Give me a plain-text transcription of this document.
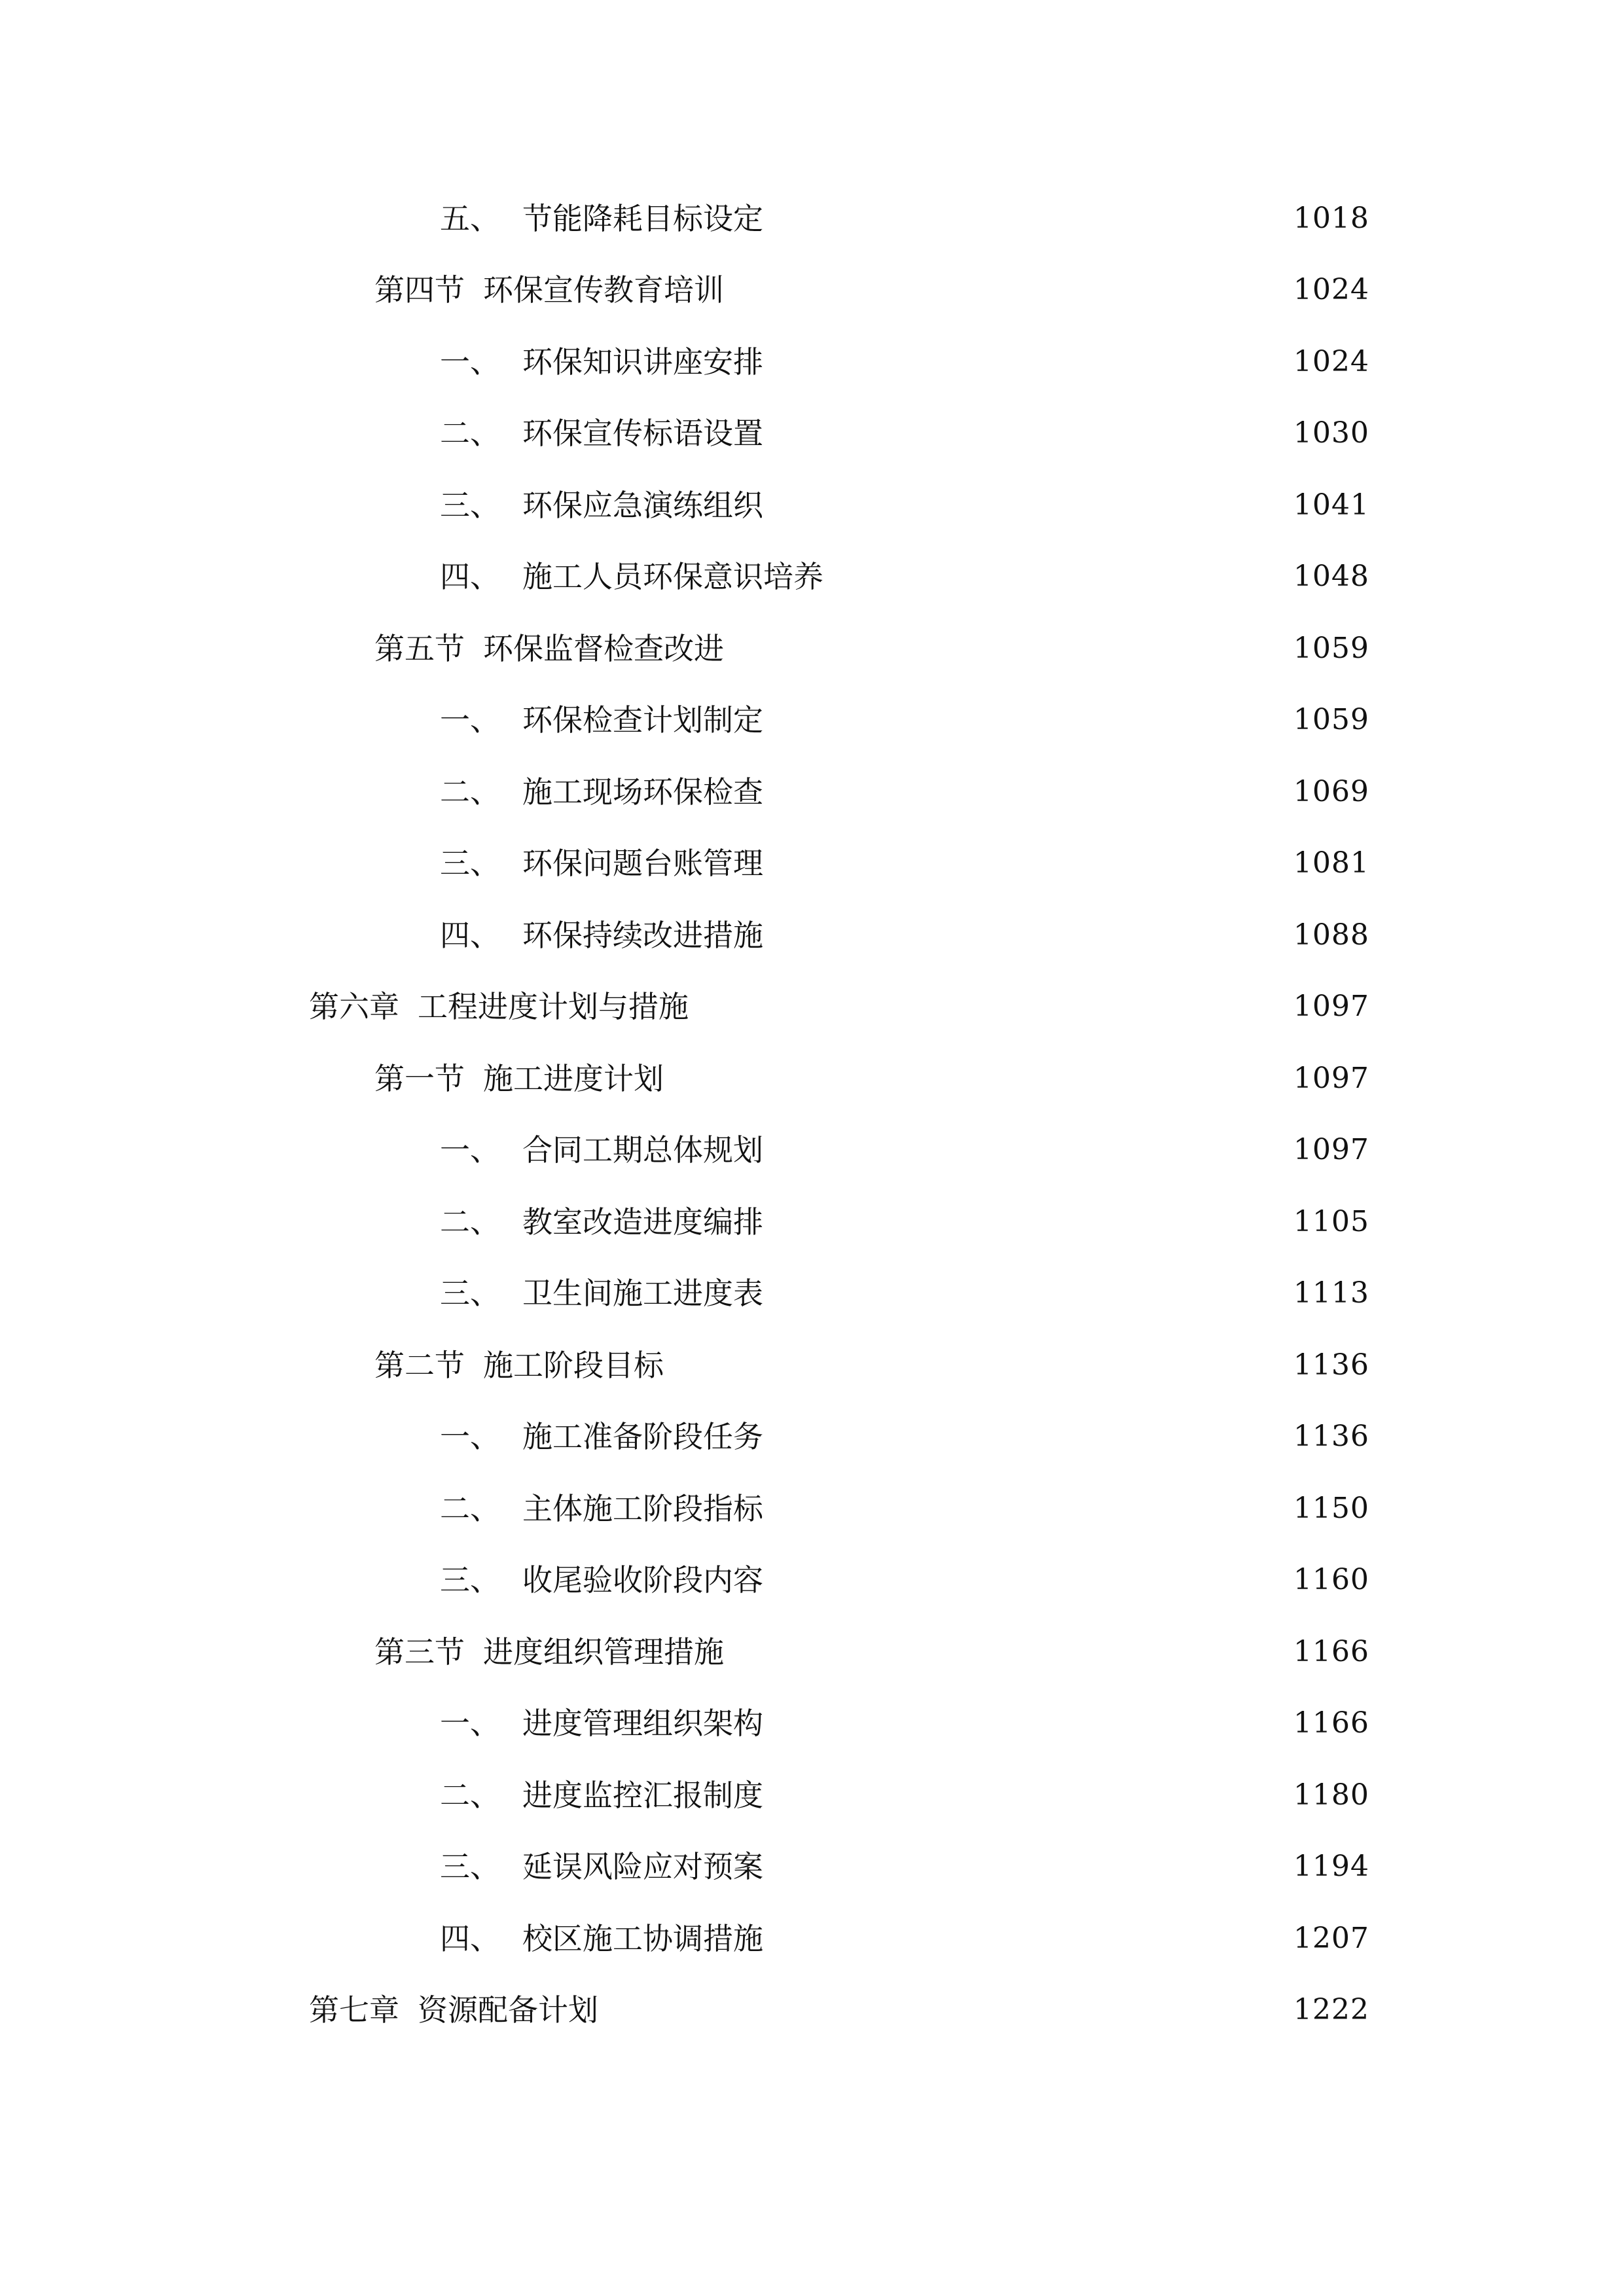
五、 节能降耗目标设定	1018
第四节 环保宣传教育培训	1024
一、 环保知识讲座安排	1024
二、 环保宣传标语设置	1030
三、 环保应急演练组织	1041
四、 施工人员环保意识培养	1048
第五节 环保监督检查改进	1059
一、 环保检查计划制定	1059
二、 施工现场环保检查	1069
三、 环保问题台账管理	1081
四、 环保持续改进措施	1088
第六章 工程进度计划与措施	1097
第一节 施工进度计划	1097
一、 合同工期总体规划	1097
二、 教室改造进度编排	1105
三、 卫生间施工进度表	1113
第二节 施工阶段目标	1136
一、 施工准备阶段任务	1136
二、 主体施工阶段指标	1150
三、 收尾验收阶段内容	1160
第三节 进度组织管理措施	1166
一、 进度管理组织架构	1166
二、 进度监控汇报制度	1180
三、 延误风险应对预案	1194
四、 校区施工协调措施	1207
第七章 资源配备计划	1222
